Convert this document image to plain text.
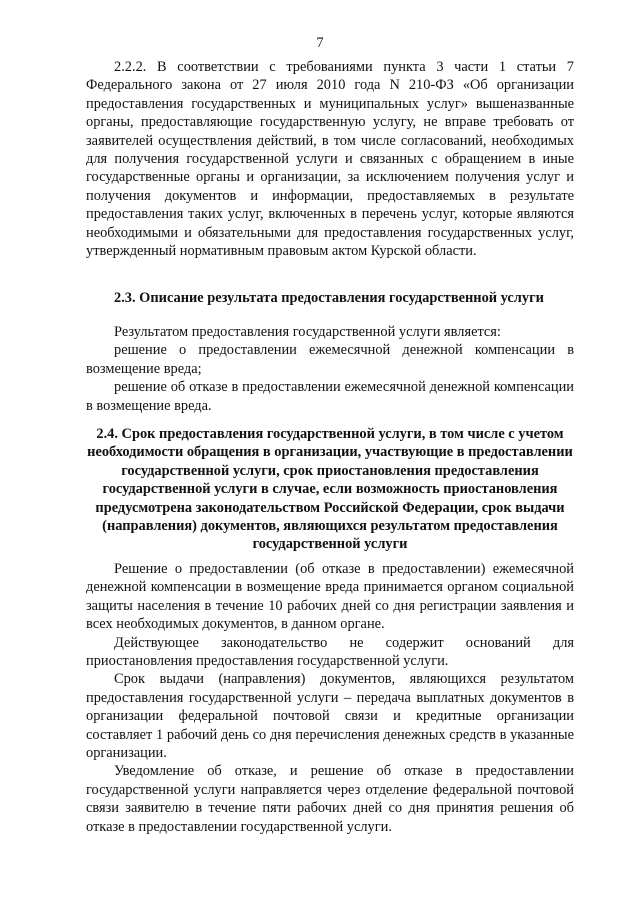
7

2.2.2. В соответствии с требованиями пункта 3 части 1 статьи 7 Федерального закона от 27 июля 2010 года N 210-ФЗ «Об организации предоставления государственных и муниципальных услуг» вышеназванные органы, предоставляющие государственную услугу, не вправе требовать от заявителей осуществления действий, в том числе согласований, необходимых для получения государственной услуги и связанных с обращением в иные государственные органы и организации, за исключением получения услуг и получения документов и информации, предоставляемых в результате предоставления таких услуг, включенных в перечень услуг, которые являются необходимыми и обязательными для предоставления государственных услуг, утвержденный нормативным правовым актом Курской области.

2.3. Описание результата предоставления государственной услуги

Результатом предоставления государственной услуги является:

решение о предоставлении ежемесячной денежной компенсации в возмещение вреда;

решение об отказе в предоставлении ежемесячной денежной компенсации в возмещение вреда.

2.4. Срок предоставления государственной услуги, в том числе с учетом необходимости обращения в организации, участвующие в предоставлении государственной услуги, срок приостановления предоставления государственной услуги в случае, если возможность приостановления предусмотрена законодательством Российской Федерации, срок выдачи (направления) документов, являющихся результатом предоставления государственной услуги

Решение о предоставлении (об отказе в предоставлении) ежемесячной денежной компенсации в возмещение вреда принимается органом социальной защиты населения в течение 10 рабочих дней со дня регистрации заявления и всех необходимых документов, в данном органе.

Действующее законодательство не содержит оснований для приостановления предоставления государственной услуги.

Срок выдачи (направления) документов, являющихся результатом предоставления государственной услуги – передача выплатных документов в организации федеральной почтовой связи и кредитные организации составляет 1 рабочий день со дня перечисления денежных средств в указанные организации.

Уведомление об отказе, и решение об отказе в предоставлении государственной услуги направляется через отделение федеральной почтовой связи заявителю в течение пяти рабочих дней со дня принятия решения об отказе в предоставлении государственной услуги.
